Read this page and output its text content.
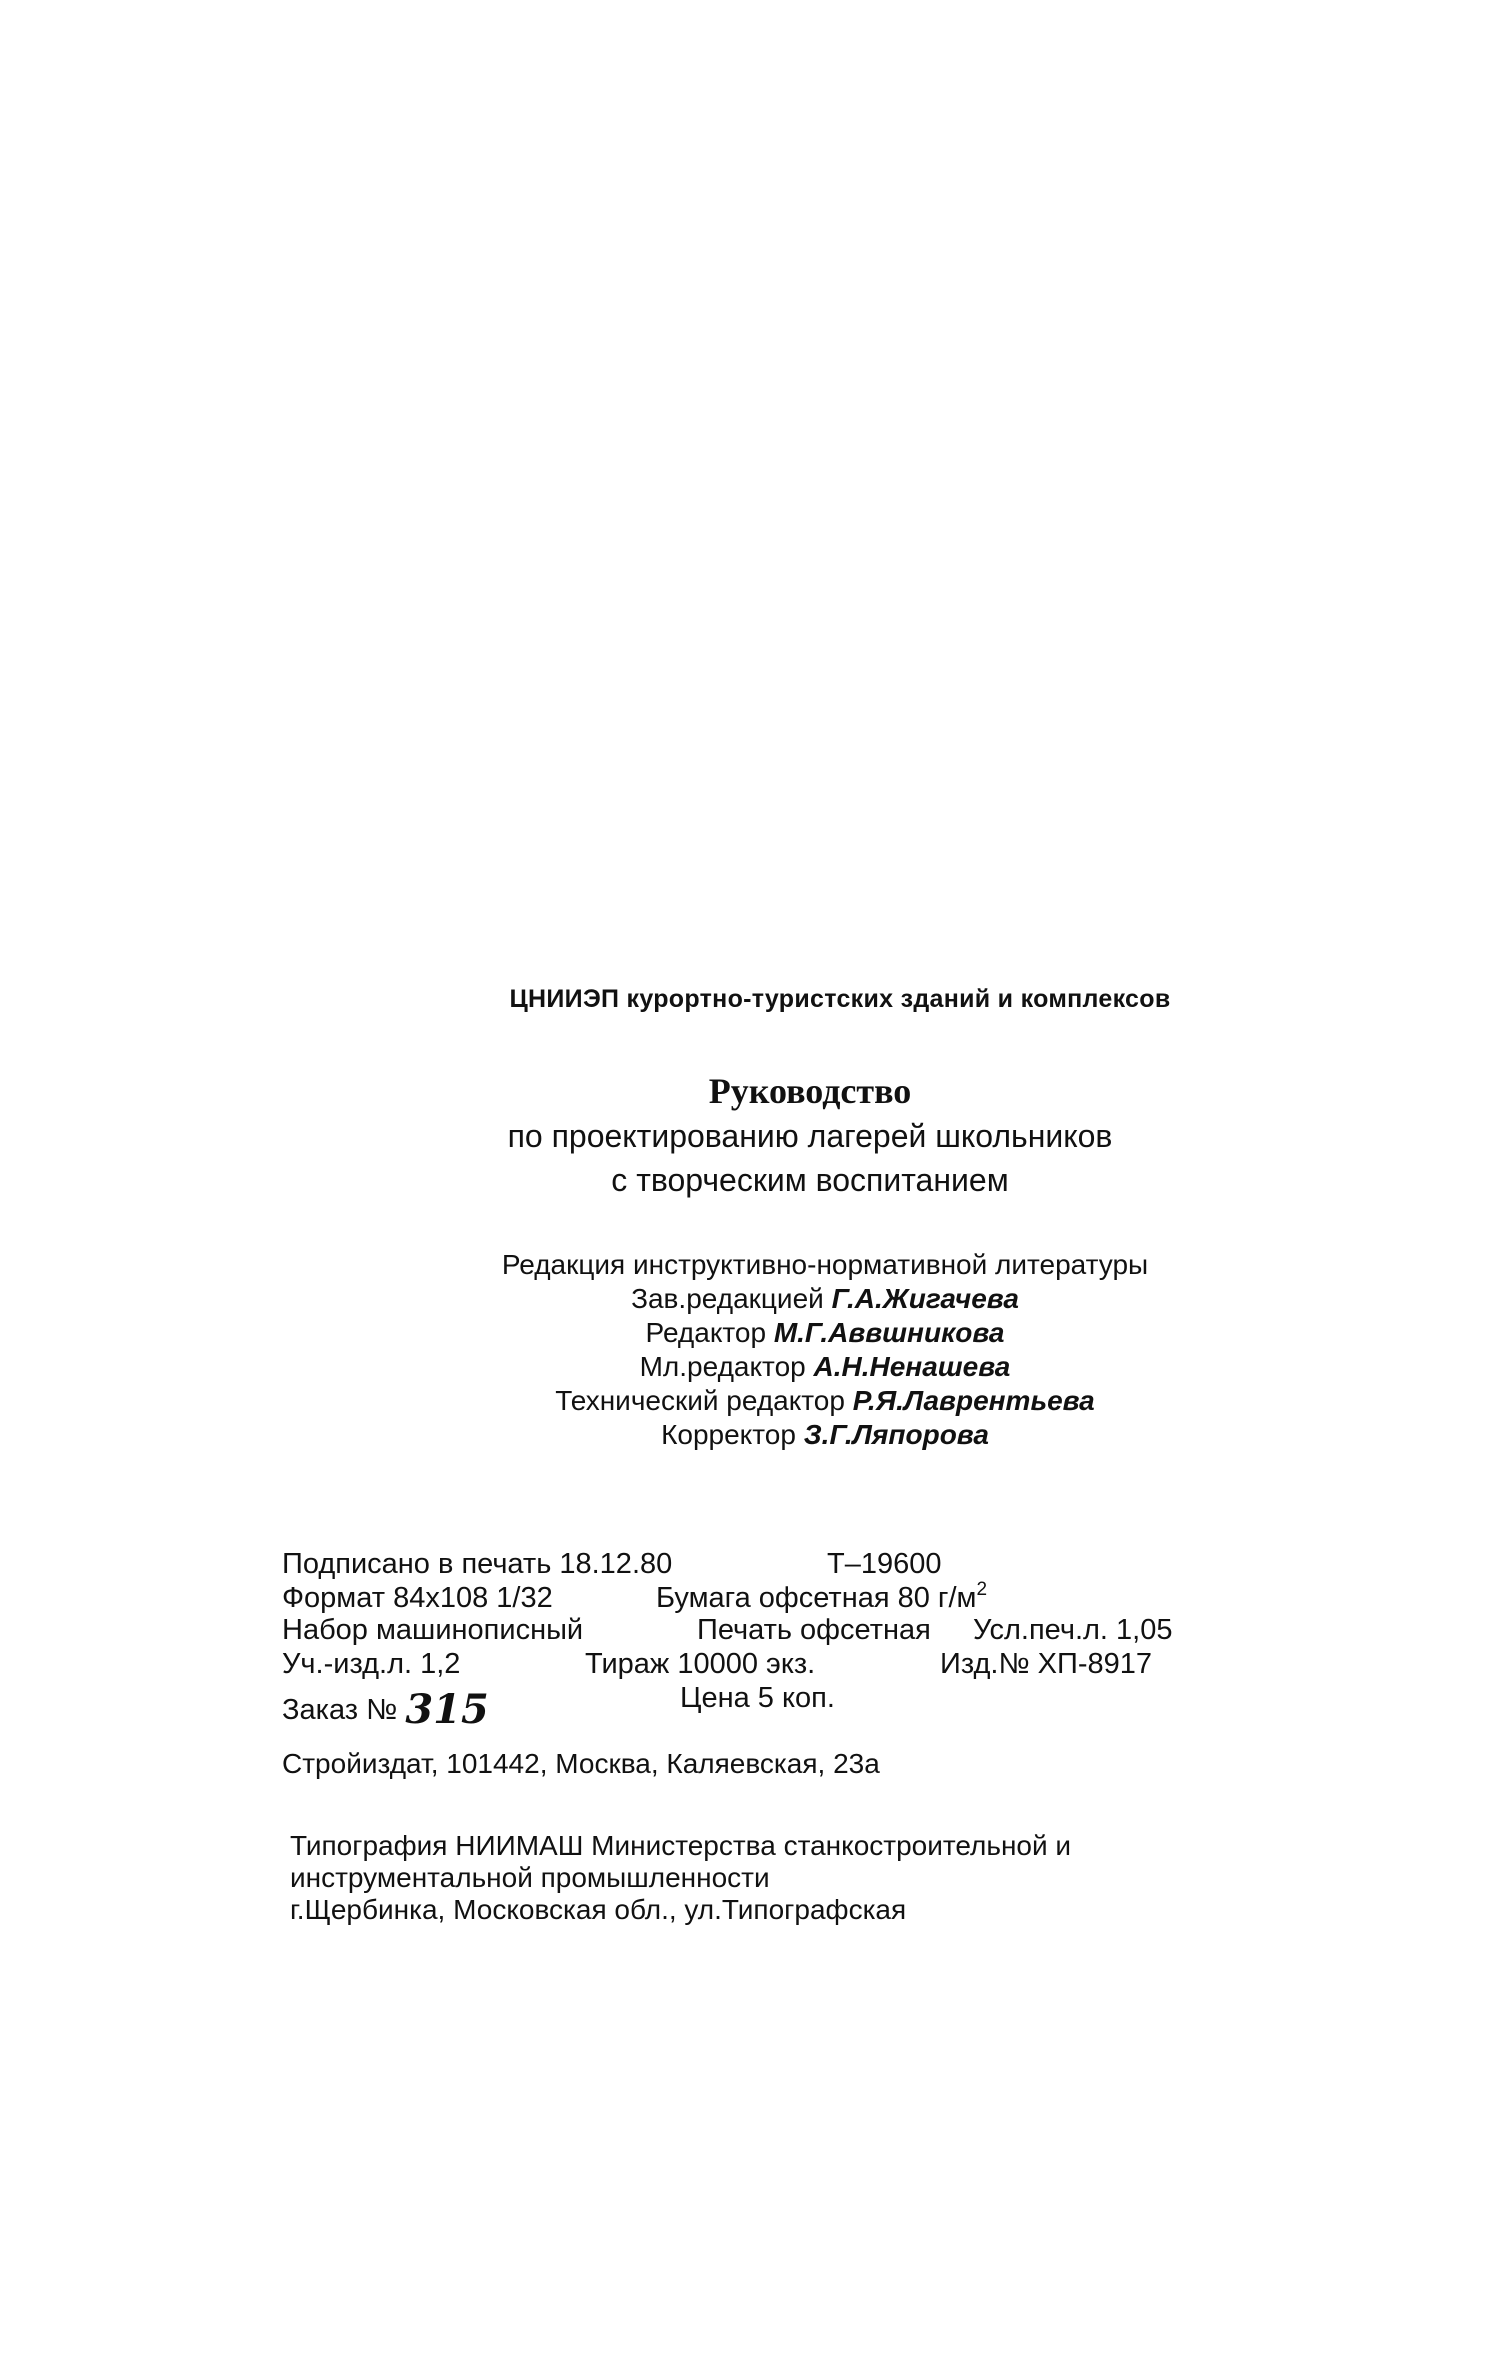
ЦНИИЭП курортно-туристских зданий и комплексов
Руководство
по проектированию лагерей школьников
с творческим воспитанием
Редакция инструктивно-нормативной литературы
Зав.редакцией Г.А.Жигачева
Редактор М.Г.Аввшникова
Мл.редактор А.Н.Ненашева
Технический редактор Р.Я.Лаврентьева
Корректор З.Г.Ляпорова
Подписано в печать 18.12.80	Т–19600
Формат 84х108 1/32	Бумага офсетная 80 $г/м^2$
Набор машинописный	Печать офсетная Усл.печ.л. 1,05
Уч.-изд.л. 1,2	Тираж 10000 экз.	Изд.№ ХП-8917
Заказ № 315	Цена 5 коп.
Стройиздат, 101442, Москва, Каляевская, 23а
Типография НИИМАШ Министерства станкостроительной и
инструментальной промышленности
г.Щербинка, Московская обл., ул.Типографская
